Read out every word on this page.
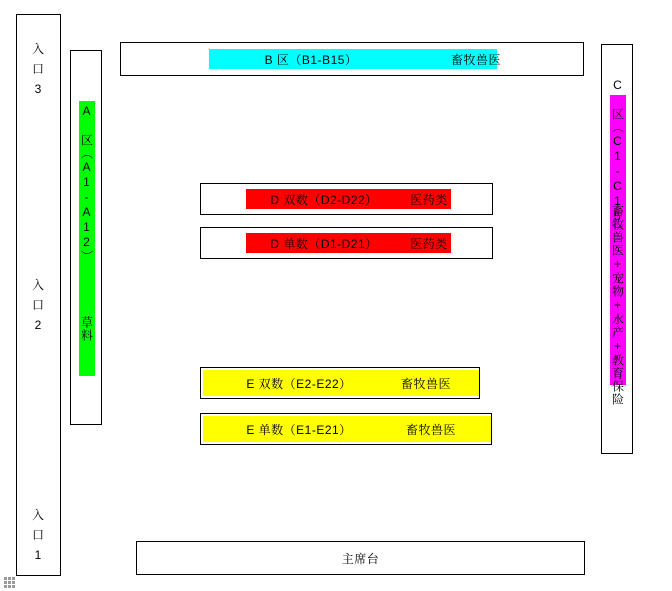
入
口
3
入
口
2
入
口
1
A 区（A1-A12）
草料
B 区（B1-B15）	畜牧兽医
C 区（C1-C15）
畜牧兽医+宠物+水产+教育保险
D 双数（D2-D22）	医药类
D 单数（D1-D21）	医药类
E 双数（E2-E22）	畜牧兽医
E 单数（E1-E21）	畜牧兽医
主席台
